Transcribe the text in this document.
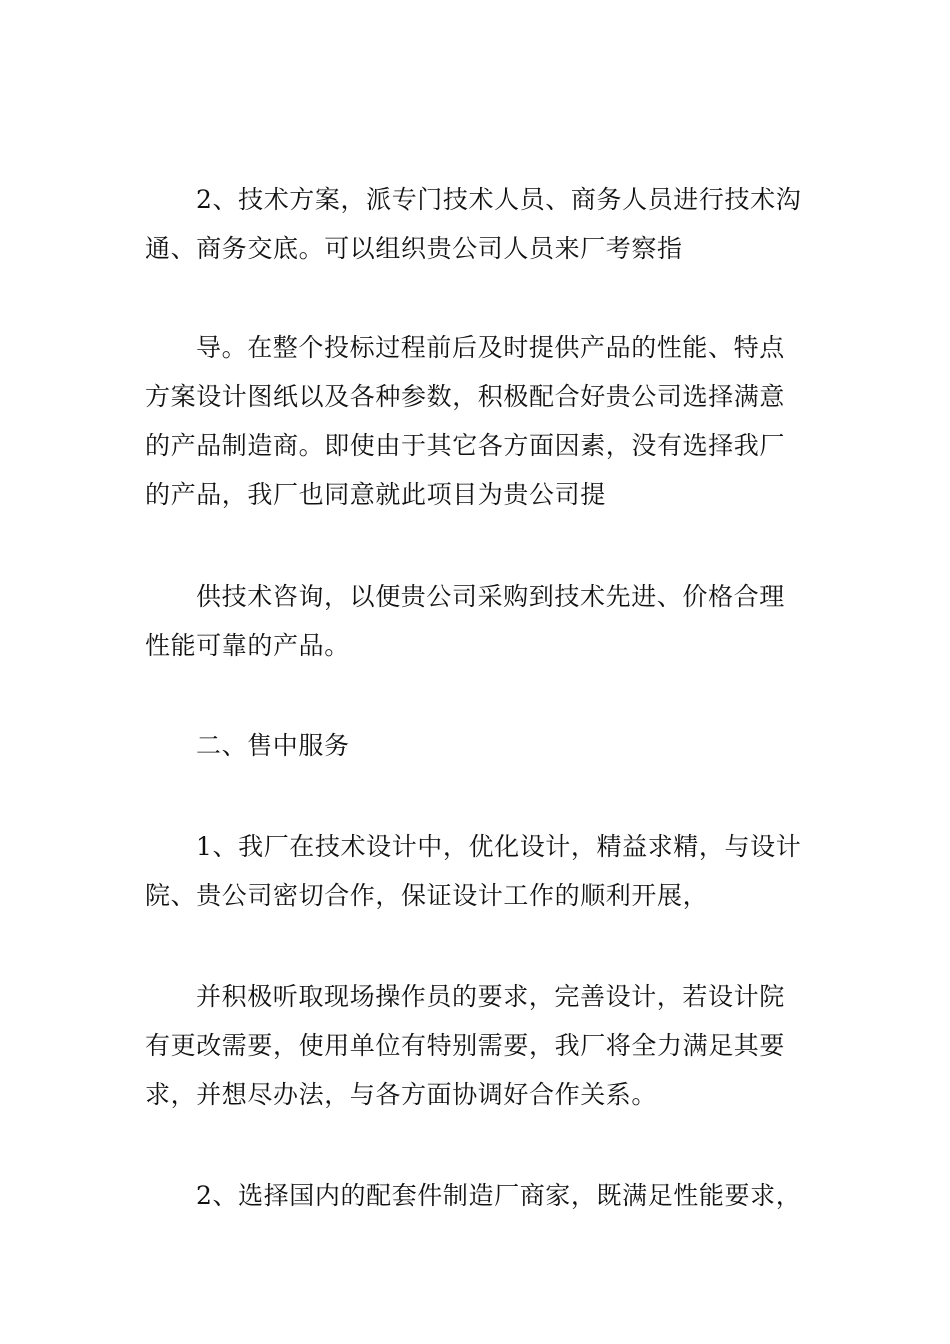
2、技术方案，派专门技术人员、商务人员进行技术沟
通、商务交底。可以组织贵公司人员来厂考察指
导。在整个投标过程前后及时提供产品的性能、特点
方案设计图纸以及各种参数，积极配合好贵公司选择满意
的产品制造商。即使由于其它各方面因素，没有选择我厂
的产品，我厂也同意就此项目为贵公司提
供技术咨询，以便贵公司采购到技术先进、价格合理
性能可靠的产品。
二、售中服务
1、我厂在技术设计中，优化设计，精益求精，与设计
院、贵公司密切合作，保证设计工作的顺利开展，
并积极听取现场操作员的要求，完善设计，若设计院
有更改需要，使用单位有特别需要，我厂将全力满足其要
求，并想尽办法，与各方面协调好合作关系。
2、选择国内的配套件制造厂商家，既满足性能要求，
